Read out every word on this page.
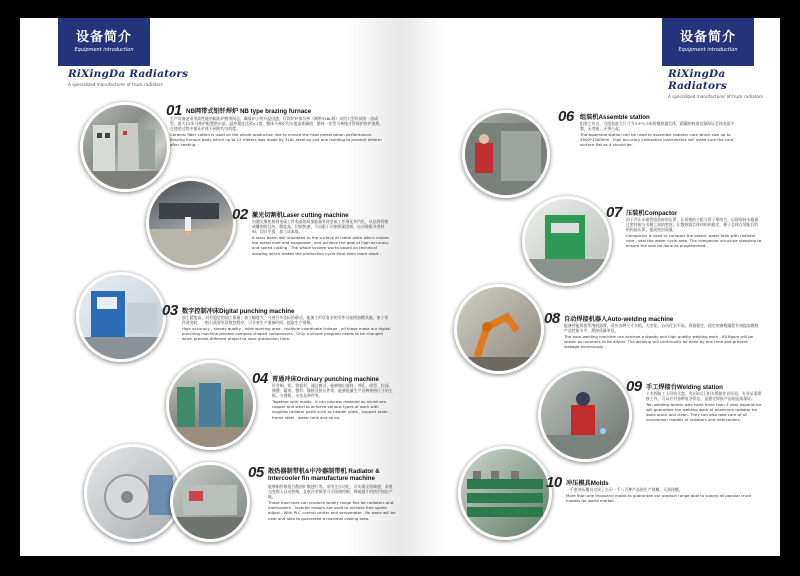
设备简介
Equipment introduction
RiXingDa Radiators
A specialized manufacturer of truck radiators
01 NB网带式铝钎焊炉 NB type brazing furnace

生产设备是采用高性能的隔焰炉膛带网总，确保炉子的升温迅速，钎焊炉炉体马弗（钢带316L制）采用大型环试的一次成型，最大12米马弗炉配置供应基，温控精度达到±1度，整体马弗炉均匀度高准确值：整体一次型马弗线才得保护的炉加热，在使用过程中保证炉体不到的均匀的度。

Ceramic fiber cotton is used on the whole production line to ensure the heat preservation performance. Brazing furnace body which up to 12 meters was made by 316L steel by just one molding to prevent deform after heating .

02 激光切割机Laser cutting machine

用激光聚焦射到金属工件表面的局部能量来使金属工件熔化并汽化，以达到切割或雕刻的目的，精度高、切割快速，不局限于切割图案限制，自动排版节省材料，切口平滑，加工成本低。

A laser beam will irradiated to the surface of metal plate which makes the metal melt and evaporate , and achieve the goal of high accuracy and speed cutting . The whole system works based on technical drawing which makes the production cycle time even more short .

03 数字控制冲床Digital punching machine

加工精度高，具有稳定的加工质量；加工幅度大，可进行多坐标的联动，能加工形状复杂的零件可按照加模具编，加工零件改变时，一般只需要更改数控程序，可节省生产准备时间；提取生产周期。

High accuracy , steady quality , wide working area , multiple coordinate linkage , all those make our digital punching machine process complex shaped components . Only a simple program needs to be changed when process different project to save production time.

04 普通冲床Ordinary punching machine

针对铜、铝、铁板材，通过模具，能够做出落料、冲孔、成型、拉深、修整、精冲、整形、铆接及挤压件等，能够批量生产各种规格尺寸的主板、支撑板、水室及带件等。

Together with molds , it can process material as aluminum copper and steel to achieve various types of work with supplies radiator parts such as header plate , support plate , frame steel , water tank and so on.

05 散热器制带机&中冷器制带机 Radiator & Intercooler fin manufacture machine

能够制作和组合散热扩散翅片等。采用全自动化，可实现无级调速，采用交变频入自动控制，且收冷型指型可无级调控制，降低翅片的热空间出产能。

Those machines can produce widely range fins for radiators and intercoolers . Inverter motors are used to achieve free speed adjust . With PLC control center and servomotor , fin wave will be neat and able to guarantee a maximal cooling area.

设备简介
Equipment introduction
RiXingDa Radiators
A specialized manufacturer of truck radiators
06 组装机Assemble station

组装工作台，可组装最大尺寸为3.5*1.5米的散热器芯体，精确的校准仪器保证芯体表面平整，无弯曲、无带凸起。

The assemble station can be used to assemble radiator core which size up to 3500*1500mm , high accuracy calibration instruments will make sure the core surface flat as it should be .

07 压装机Compactor

用于汽车水箱管组装时的压紧，让切割的主板与管子相结合，以便保持水箱通过密封胶与水箱之间的密封，让散热器芯体和结构稳定，便于芯体在装配后的机构前压紧，提高密封质量。

Compactor is used to compact the plastic water tank with radiator core , seal the water cycle area. The compactor structure stepping to ensure the seal be done as programmed .

08 自动焊接机器人Auto-welding machine

配备智能焊接系统机器臂，适应各种尺寸水箱、大型化、自动化水平高，焊接稳定，稳定的参数编程有效提高散热产品性能水平，焊接质量更佳。

The auto-welding machine can achieve a steady and high quality welding work . All figure will be shown as numbers to be adjust. The welding will continually be done by one time and prevent leakage enormously .

09 手工焊接台Welding station

十名焊接工人经验丰富，有5年以上相关焊接作业经验，专业从事焊接工作，可以应对各种复杂形态，是稳定焊接产品的品质保证。

Ten welding worker who have more than 5 year experience will guarantee the welding work of aluminum radiator be done quick and clean. They can also take care of all uncommon models of radiators and intercoolers.

10 冲压模具Molds

一千套冲压模具完成了公司一千八百种产品的生产规模，无需待模。

More than one thousand molds to guarantee our product range able to supply all popular truck models for world market .
